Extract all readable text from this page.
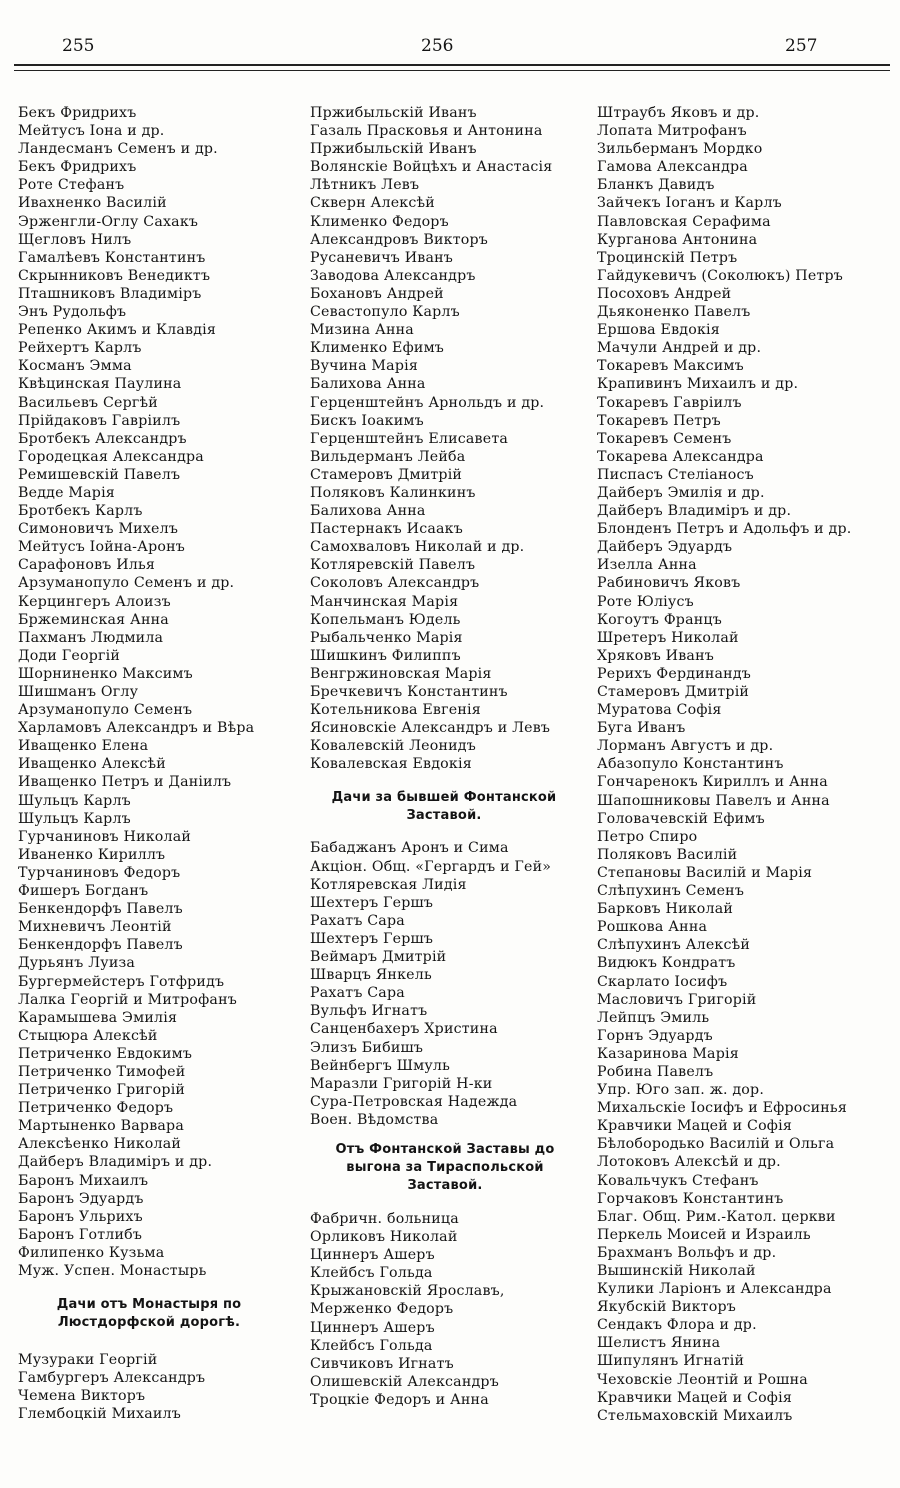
255	256	257
Бекъ Фридрихъ
Мейтусъ Iона и др.
Ландесманъ Семенъ и др.
Бекъ Фридрихъ
Роте Стефанъ
Ивахненко Василiй
Эрженгли-Оглу Сахакъ
Щегловъ Нилъ
Гамалѣевъ Константинъ
Скрынниковъ Венедиктъ
Пташниковъ Владимiръ
Энъ Рудольфъ
Репенко Акимъ и Клавдiя
Рейхертъ Карлъ
Косманъ Эмма
Квѣцинская Паулина
Васильевъ Сергѣй
Прiйдаковъ Гаврiилъ
Бротбекъ Александръ
Городецкая Александра
Ремишевскiй Павелъ
Ведде Марiя
Бротбекъ Карлъ
Симоновичъ Михелъ
Мейтусъ Iойна-Аронъ
Сарафоновъ Илья
Арзуманопуло Семенъ и др.
Керцингеръ Алоизъ
Бржеминская Анна
Пахманъ Людмила
Доди Георгiй
Шорниненко Максимъ
Шишманъ Оглу
Арзуманопуло Семенъ
Харламовъ Александръ и Вѣра
Иващенко Елена
Иващенко Алексѣй
Иващенко Петръ и Данiилъ
Шульцъ Карлъ
Шульцъ Карлъ
Гурчаниновъ Николай
Иваненко Кириллъ
Турчаниновъ Федоръ
Фишеръ Богданъ
Бенкендорфъ Павелъ
Михневичъ Леонтiй
Бенкендорфъ Павелъ
Дурьянъ Луиза
Бургермейстеръ Готфридъ
Лалка Георгiй и Митрофанъ
Карамышева Эмилiя
Стыцюра Алексѣй
Петриченко Евдокимъ
Петриченко Тимофей
Петриченко Григорiй
Петриченко Федоръ
Мартыненко Варвара
Алексѣенко Николай
Дайберъ Владимiръ и др.
Баронъ Михаилъ
Баронъ Эдуардъ
Баронъ Ульрихъ
Баронъ Готлибъ
Филипенко Кузьма
Муж. Успен. Монастырь
Дачи отъ Монастыря по Люстдорфской дорогѣ.
Музураки Георгiй
Гамбургеръ Александръ
Чемена Викторъ
Глембоцкiй Михаилъ
Пржибыльскiй Иванъ
Газаль Прасковья и Антонина
Пржибыльскiй Иванъ
Волянскiе Войцѣхъ и Анастасiя
Лѣтникъ Левъ
Скверн Алексѣй
Клименко Федоръ
Александровъ Викторъ
Русаневичъ Иванъ
Заводова Александръ
Бохановъ Андрей
Севастопуло Карлъ
Мизина Анна
Клименко Ефимъ
Вучина Марiя
Балихова Анна
Герценштейнъ Арнольдъ и др.
Бискъ Iоакимъ
Герценштейнъ Елисавета
Вильдерманъ Лейба
Стамеровъ Дмитрiй
Поляковъ Калинкинъ
Балихова Анна
Пастернакъ Исаакъ
Самохваловъ Николай и др.
Котляревскiй Павелъ
Соколовъ Александръ
Манчинская Марiя
Копельманъ Юдель
Рыбальченко Марiя
Шишкинъ Филиппъ
Венгржиновская Марiя
Бречкевичъ Константинъ
Котельникова Евгенiя
Ясиновскiе Александръ и Левъ
Ковалевскiй Леонидъ
Ковалевская Евдокiя
Дачи за бывшей Фонтанской Заставой.
Бабаджанъ Аронъ и Сима
Акцiон. Общ. «Гергардъ и Гей»
Котляревская Лидiя
Шехтеръ Гершъ
Рахатъ Сара
Шехтеръ Гершъ
Веймаръ Дмитрiй
Шварцъ Янкель
Рахатъ Сара
Вульфъ Игнатъ
Санценбахеръ Христина
Элизъ Бибишъ
Вейнбергъ Шмуль
Маразли Григорiй Н-ки
Сура-Петровская Надежда
Воен. Вѣдомства
Отъ Фонтанской Заставы до выгона за Тираспольской Заставой.
Фабричн. больница
Орликовъ Николай
Циннеръ Ашеръ
Клейбсъ Гольда
Крыжановскiй Ярославъ,
Мерженко Федоръ
Циннеръ Ашеръ
Клейбсъ Гольда
Сивчиковъ Игнатъ
Олишевскiй Александръ
Троцкiе Федоръ и Анна
Штраубъ Яковъ и др.
Лопата Митрофанъ
Зильберманъ Мордко
Гамова Александра
Бланкъ Давидъ
Зайчекъ Iоганъ и Карлъ
Павловская Серафима
Курганова Антонина
Троцинскiй Петръ
Гайдукевичъ (Соколюкъ) Петръ
Посоховъ Андрей
Дьяконенко Павелъ
Ершова Евдокiя
Мачули Андрей и др.
Токаревъ Максимъ
Крапивинъ Михаилъ и др.
Токаревъ Гаврiилъ
Токаревъ Петръ
Токаревъ Семенъ
Токарева Александра
Писпасъ Стелiаносъ
Дайберъ Эмилiя и др.
Дайберъ Владимiръ и др.
Блонденъ Петръ и Адольфъ и др.
Дайберъ Эдуардъ
Изелла Анна
Рабиновичъ Яковъ
Роте Юлiусъ
Когоутъ Францъ
Шретеръ Николай
Хряковъ Иванъ
Рерихъ Фердинандъ
Стамеровъ Дмитрiй
Муратова Софiя
Буга Иванъ
Лорманъ Августъ и др.
Абазопуло Константинъ
Гончаренокъ Кириллъ и Анна
Шапошниковы Павелъ и Анна
Головачевскiй Ефимъ
Петро Спиро
Поляковъ Василiй
Степановы Василiй и Марiя
Слѣпухинъ Семенъ
Барковъ Николай
Рошкова Анна
Слѣпухинъ Алексѣй
Видюкъ Кондратъ
Скарлато Iосифъ
Масловичъ Григорiй
Лейпцъ Эмиль
Горнъ Эдуардъ
Казаринова Марiя
Робина Павелъ
Упр. Юго зап. ж. дор.
Михальскiе Iосифъ и Ефросинья
Кравчики Мацей и Софiя
Бѣлобородько Василiй и Ольга
Лотоковъ Алексѣй и др.
Ковальчукъ Стефанъ
Горчаковъ Константинъ
Благ. Общ. Рим.-Катол. церкви
Перкель Моисей и Израиль
Брахманъ Вольфъ и др.
Вышинскiй Николай
Кулики Ларiонъ и Александра
Якубскiй Викторъ
Сендакъ Флора и др.
Шелистъ Янина
Шипулянъ Игнатiй
Чеховскiе Леонтiй и Рошна
Кравчики Мацей и Софiя
Стельмаховскiй Михаилъ
